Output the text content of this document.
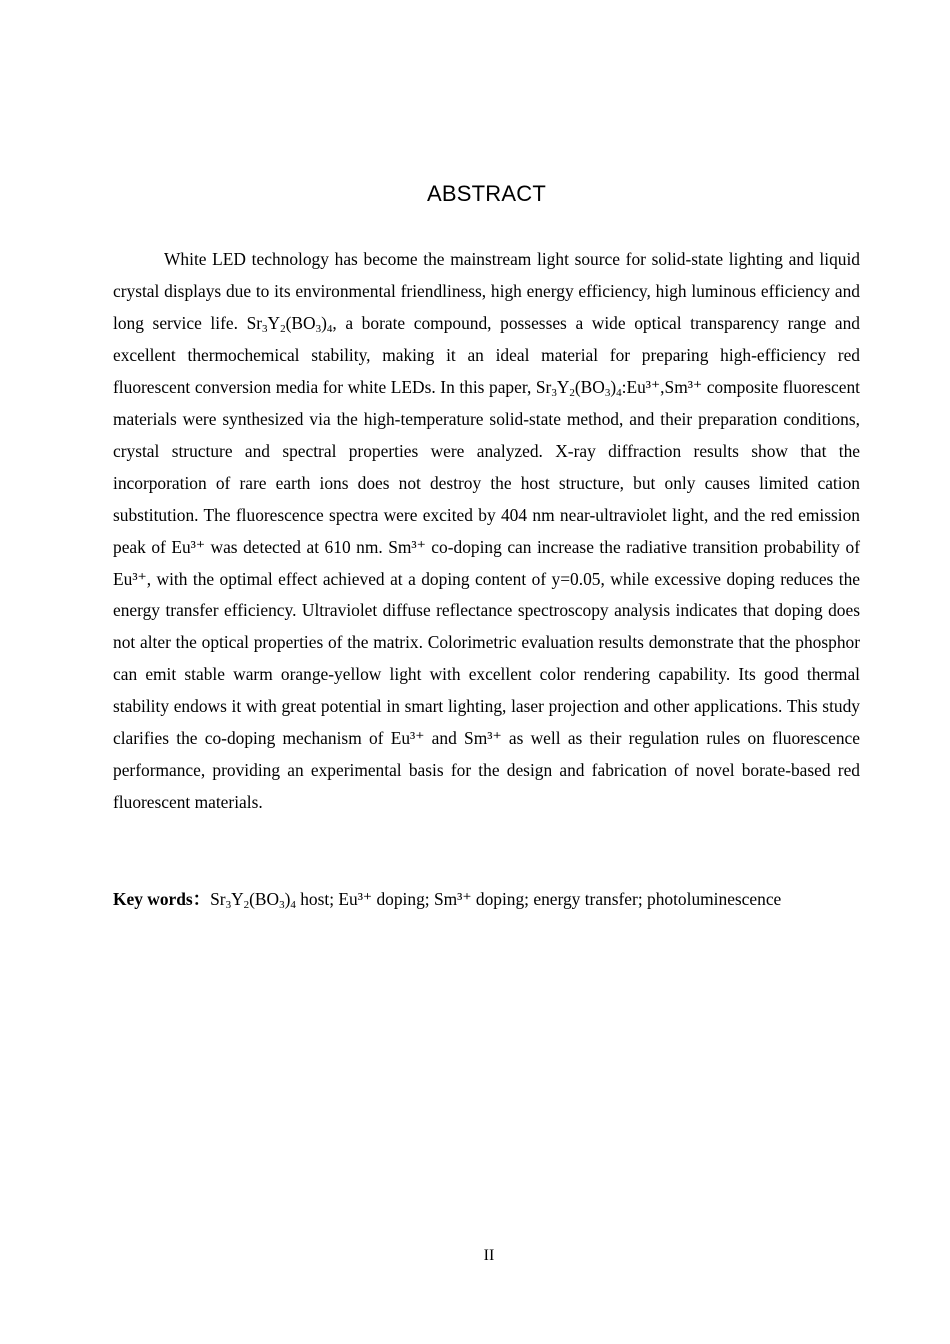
ABSTRACT

White LED technology has become the mainstream light source for solid-state lighting and liquid crystal displays due to its environmental friendliness, high energy efficiency, high luminous efficiency and long service life. $Sr_3Y_2(BO_3)_4$, a borate compound, possesses a wide optical transparency range and excellent thermochemical stability, making it an ideal material for preparing high-efficiency red fluorescent conversion media for white LEDs. In this paper, $Sr_3Y_2(BO_3)_4:Eu^{3+},Sm^{3+}$ composite fluorescent materials were synthesized via the high-temperature solid-state method, and their preparation conditions, crystal structure and spectral properties were analyzed. X-ray diffraction results show that the incorporation of rare earth ions does not destroy the host structure, but only causes limited cation substitution. The fluorescence spectra were excited by 404 nm near-ultraviolet light, and the red emission peak of Eu³⁺ was detected at 610 nm. Sm³⁺ co-doping can increase the radiative transition probability of Eu³⁺, with the optimal effect achieved at a doping content of y=0.05, while excessive doping reduces the energy transfer efficiency. Ultraviolet diffuse reflectance spectroscopy analysis indicates that doping does not alter the optical properties of the matrix. Colorimetric evaluation results demonstrate that the phosphor can emit stable warm orange-yellow light with excellent color rendering capability. Its good thermal stability endows it with great potential in smart lighting, laser projection and other applications. This study clarifies the co-doping mechanism of Eu³⁺ and Sm³⁺ as well as their regulation rules on fluorescence performance, providing an experimental basis for the design and fabrication of novel borate-based red fluorescent materials.

Key words：$Sr_3Y_2(BO_3)_4$ host; Eu³⁺ doping; Sm³⁺ doping; energy transfer; photoluminescence
II
